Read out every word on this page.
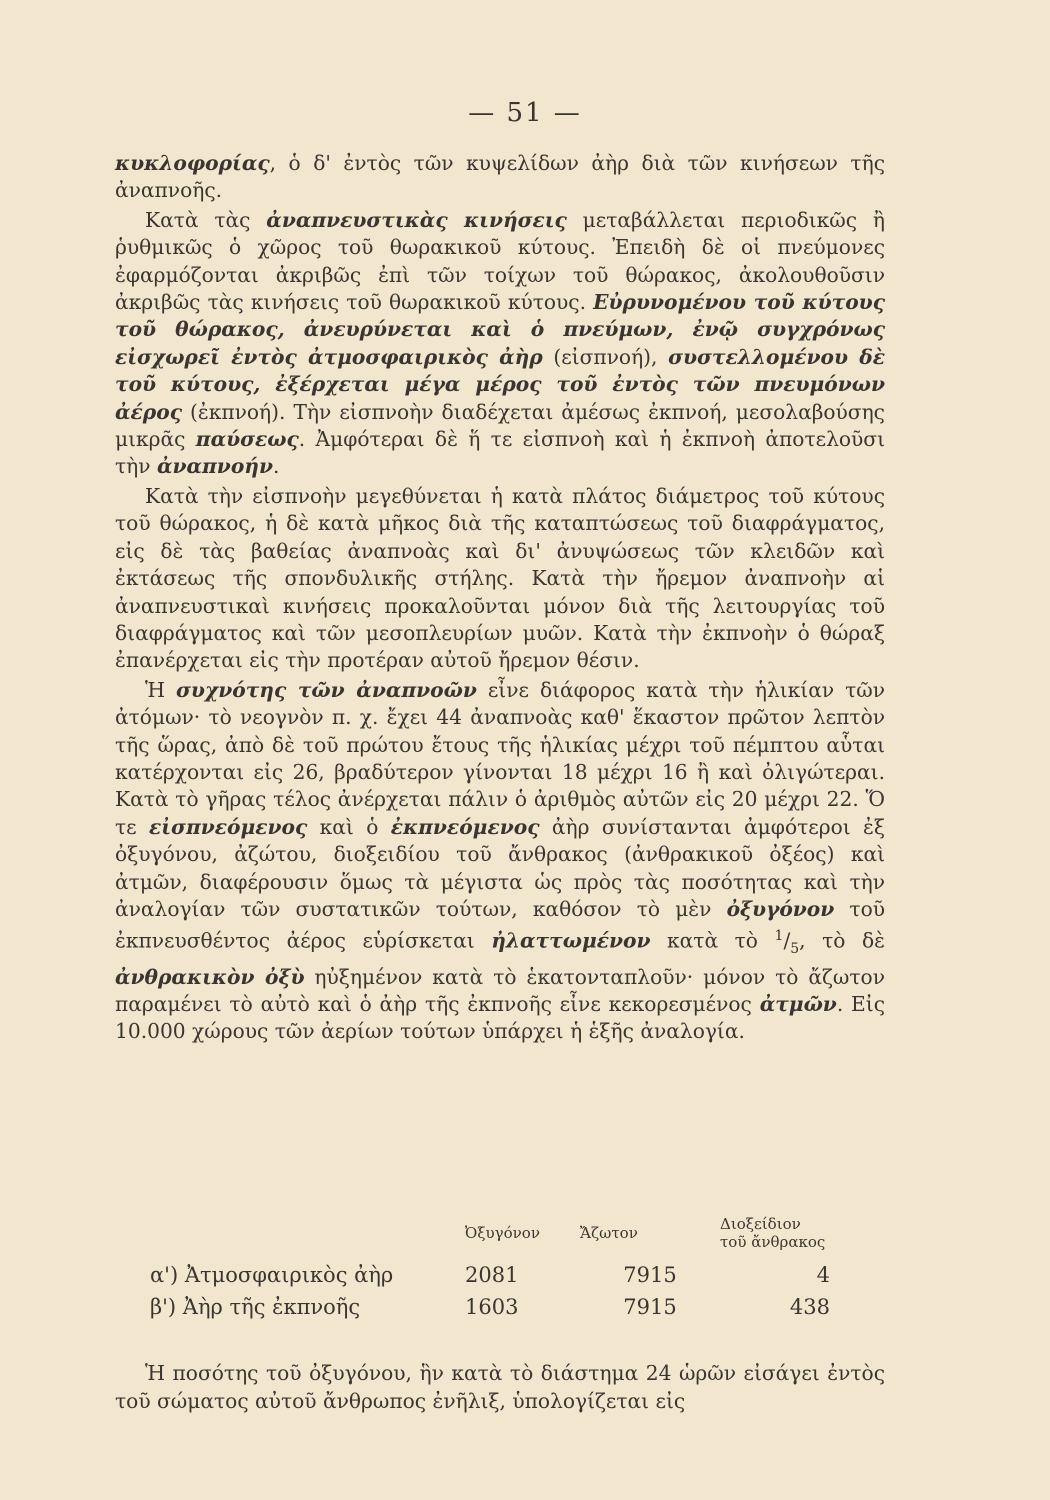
— 51 —

κυκλοφορίας, ὁ δ' ἐντὸς τῶν κυψελίδων ἀὴρ διὰ τῶν κινήσεων τῆς ἀναπνοῆς.

Κατὰ τὰς ἀναπνευστικὰς κινήσεις μεταβάλλεται περιοδικῶς ἢ ῥυθμικῶς ὁ χῶρος τοῦ θωρακικοῦ κύτους. Ἐπειδὴ δὲ οἱ πνεύμονες ἐφαρμόζονται ἀκριβῶς ἐπὶ τῶν τοίχων τοῦ θώρακος, ἀκολουθοῦσιν ἀκριβῶς τὰς κινήσεις τοῦ θωρακικοῦ κύτους. Εὐρυνομένου τοῦ κύτους τοῦ θώρακος, ἀνευρύνεται καὶ ὁ πνεύμων, ἐνῷ συγχρόνως εἰσχωρεῖ ἐντὸς ἀτμοσφαιρικὸς ἀὴρ (εἰσπνοή), συστελλομένου δὲ τοῦ κύτους, ἐξέρχεται μέγα μέρος τοῦ ἐντὸς τῶν πνευμόνων ἀέρος (ἐκπνοή). Τὴν εἰσπνοὴν διαδέχεται ἀμέσως ἐκπνοή, μεσολαβούσης μικρᾶς παύσεως. Ἀμφότεραι δὲ ἥ τε εἰσπνοὴ καὶ ἡ ἐκπνοὴ ἀποτελοῦσι τὴν ἀναπνοήν.

Κατὰ τὴν εἰσπνοὴν μεγεθύνεται ἡ κατὰ πλάτος διάμετρος τοῦ κύτους τοῦ θώρακος, ἡ δὲ κατὰ μῆκος διὰ τῆς καταπτώσεως τοῦ διαφράγματος, εἰς δὲ τὰς βαθείας ἀναπνοὰς καὶ δι' ἀνυψώσεως τῶν κλειδῶν καὶ ἐκτάσεως τῆς σπονδυλικῆς στήλης. Κατὰ τὴν ἤρεμον ἀναπνοὴν αἱ ἀναπνευστικαὶ κινήσεις προκαλοῦνται μόνον διὰ τῆς λειτουργίας τοῦ διαφράγματος καὶ τῶν μεσοπλευρίων μυῶν. Κατὰ τὴν ἐκπνοὴν ὁ θώραξ ἐπανέρχεται εἰς τὴν προτέραν αὐτοῦ ἤρεμον θέσιν.

Ἡ συχνότης τῶν ἀναπνοῶν εἶνε διάφορος κατὰ τὴν ἡλικίαν τῶν ἀτόμων· τὸ νεογνὸν π. χ. ἔχει 44 ἀναπνοὰς καθ' ἕκαστον πρῶτον λεπτὸν τῆς ὥρας, ἀπὸ δὲ τοῦ πρώτου ἔτους τῆς ἡλικίας μέχρι τοῦ πέμπτου αὗται κατέρχονται εἰς 26, βραδύτερον γίνονται 18 μέχρι 16 ἢ καὶ ὀλιγώτεραι. Κατὰ τὸ γῆρας τέλος ἀνέρχεται πάλιν ὁ ἀριθμὸς αὐτῶν εἰς 20 μέχρι 22. Ὅ τε εἰσπνεόμενος καὶ ὁ ἐκπνεόμενος ἀὴρ συνίστανται ἀμφότεροι ἐξ ὀξυγόνου, ἀζώτου, διοξειδίου τοῦ ἄνθρακος (ἀνθρακικοῦ ὀξέος) καὶ ἀτμῶν, διαφέρουσιν ὅμως τὰ μέγιστα ὡς πρὸς τὰς ποσότητας καὶ τὴν ἀναλογίαν τῶν συστατικῶν τούτων, καθόσον τὸ μὲν ὀξυγόνον τοῦ ἐκπνευσθέντος ἀέρος εὑρίσκεται ἠλαττωμένον κατὰ τὸ $^1/_5$, τὸ δὲ ἀνθρακικὸν ὀξὺ ηὐξημένον κατὰ τὸ ἑκατονταπλοῦν· μόνον τὸ ἄζωτον παραμένει τὸ αὐτὸ καὶ ὁ ἀὴρ τῆς ἐκπνοῆς εἶνε κεκορεσμένος ἀτμῶν. Εἰς 10.000 χώρους τῶν ἀερίων τούτων ὑπάρχει ἡ ἑξῆς ἀναλογία.

	Ὀξυγόνον	Ἄζωτον	Διοξείδιον τοῦ ἄνθρακος
α') Ἀτμοσφαιρικὸς ἀὴρ	2081	7915	4
β') Ἀὴρ τῆς ἐκπνοῆς	1603	7915	438

Ἡ ποσότης τοῦ ὀξυγόνου, ἣν κατὰ τὸ διάστημα 24 ὡρῶν εἰσάγει ἐντὸς τοῦ σώματος αὐτοῦ ἄνθρωπος ἐνῆλιξ, ὑπολογίζεται εἰς
